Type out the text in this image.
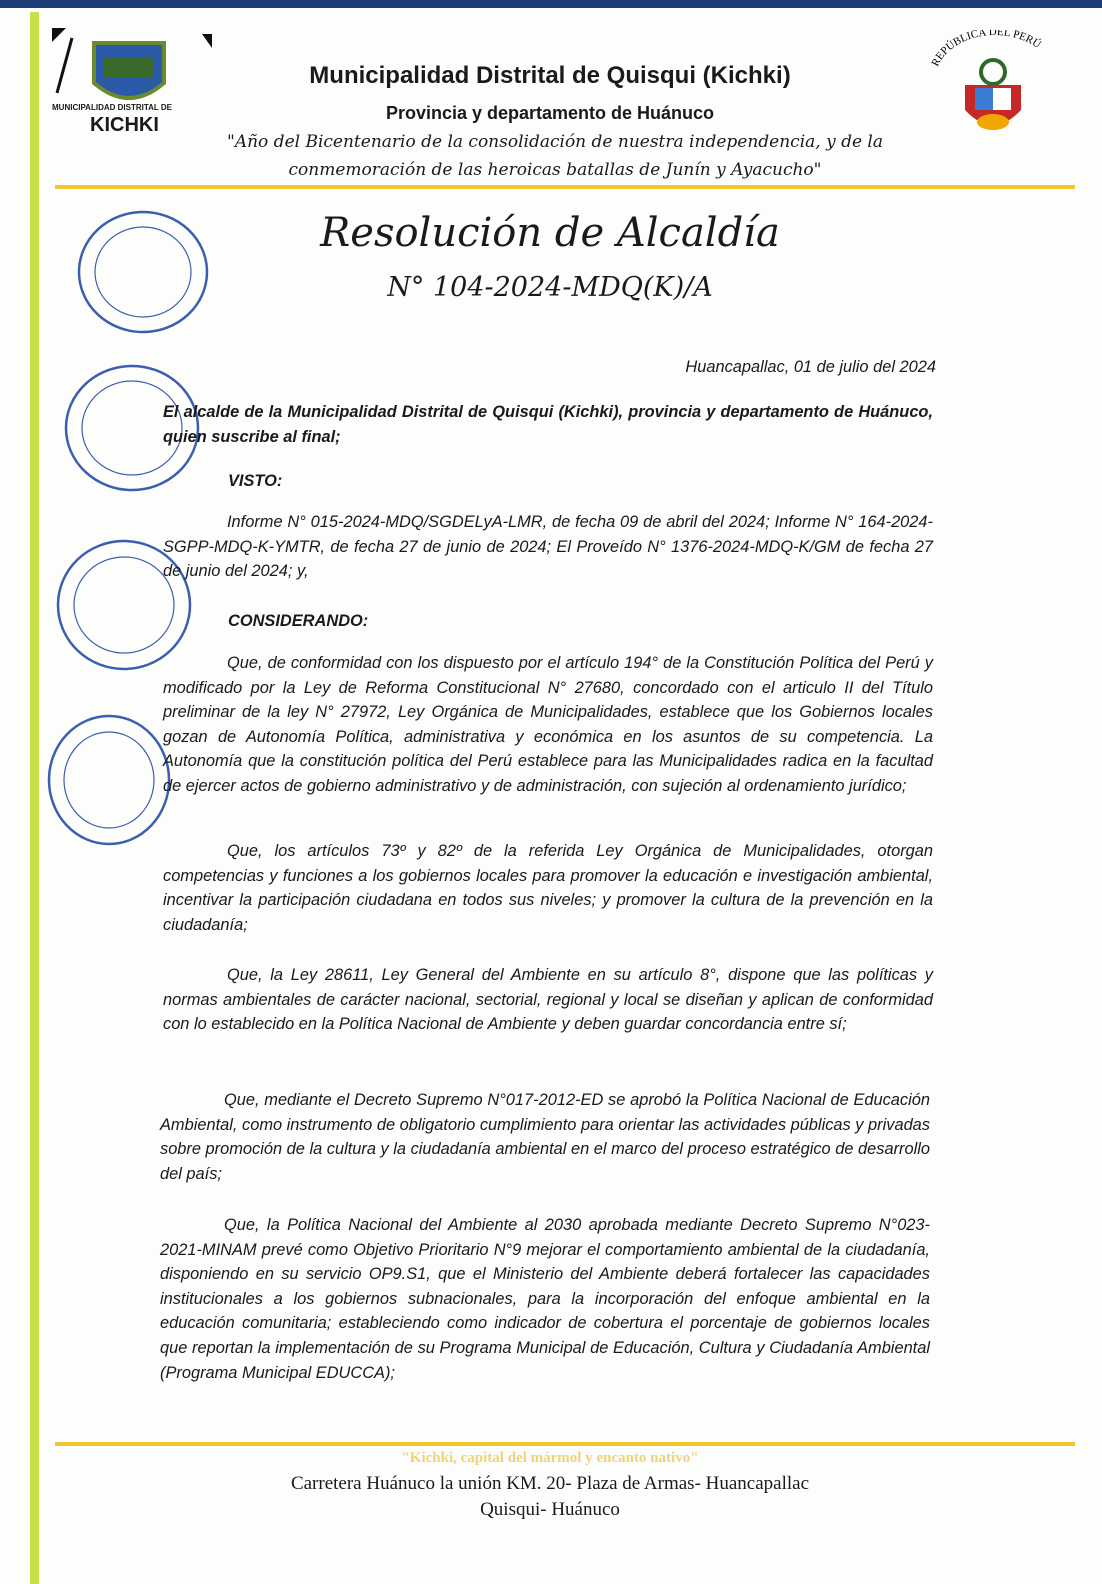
MUNICIPALIDAD DISTRITAL DE
KICHKI
Municipalidad Distrital de Quisqui (Kichki)
Provincia y departamento de Huánuco
"Año del Bicentenario de la consolidación de nuestra independencia, y de la
conmemoración de las heroicas batallas de Junín y Ayacucho"
REPÚBLICA DEL PERÚ
Resolución de Alcaldía
N° 104-2024-MDQ(K)/A
Huancapallac, 01 de julio del 2024
El alcalde de la Municipalidad Distrital de Quisqui (Kichki), provincia y departamento de Huánuco, quien suscribe al final;
VISTO:
Informe N° 015-2024-MDQ/SGDELyA-LMR, de fecha 09 de abril del 2024; Informe N° 164-2024-SGPP-MDQ-K-YMTR, de fecha 27 de junio de 2024; El Proveído N° 1376-2024-MDQ-K/GM de fecha 27 de junio del 2024; y,
CONSIDERANDO:
Que, de conformidad con los dispuesto por el artículo 194° de la Constitución Política del Perú y modificado por la Ley de Reforma Constitucional N° 27680, concordado con el articulo II del Título preliminar de la ley N° 27972, Ley Orgánica de Municipalidades, establece que los Gobiernos locales gozan de Autonomía Política, administrativa y económica en los asuntos de su competencia. La Autonomía que la constitución política del Perú establece para las Municipalidades radica en la facultad de ejercer actos de gobierno administrativo y de administración, con sujeción al ordenamiento jurídico;
Que, los artículos 73º y 82º de la referida Ley Orgánica de Municipalidades, otorgan competencias y funciones a los gobiernos locales para promover la educación e investigación ambiental, incentivar la participación ciudadana en todos sus niveles; y promover la cultura de la prevención en la ciudadanía;
Que, la Ley 28611, Ley General del Ambiente en su artículo 8°, dispone que las políticas y normas ambientales de carácter nacional, sectorial, regional y local se diseñan y aplican de conformidad con lo establecido en la Política Nacional de Ambiente y deben guardar concordancia entre sí;
Que, mediante el Decreto Supremo N°017-2012-ED se aprobó la Política Nacional de Educación Ambiental, como instrumento de obligatorio cumplimiento para orientar las actividades públicas y privadas sobre promoción de la cultura y la ciudadanía ambiental en el marco del proceso estratégico de desarrollo del país;
Que, la Política Nacional del Ambiente al 2030 aprobada mediante Decreto Supremo N°023-2021-MINAM prevé como Objetivo Prioritario N°9 mejorar el comportamiento ambiental de la ciudadanía, disponiendo en su servicio OP9.S1, que el Ministerio del Ambiente deberá fortalecer las capacidades institucionales a los gobiernos subnacionales, para la incorporación del enfoque ambiental en la educación comunitaria; estableciendo como indicador de cobertura el porcentaje de gobiernos locales que reportan la implementación de su Programa Municipal de Educación, Cultura y Ciudadanía Ambiental (Programa Municipal EDUCCA);
"Kichki, capital del mármol y encanto nativo"
Carretera Huánuco la unión KM. 20- Plaza de Armas- Huancapallac
Quisqui- Huánuco
